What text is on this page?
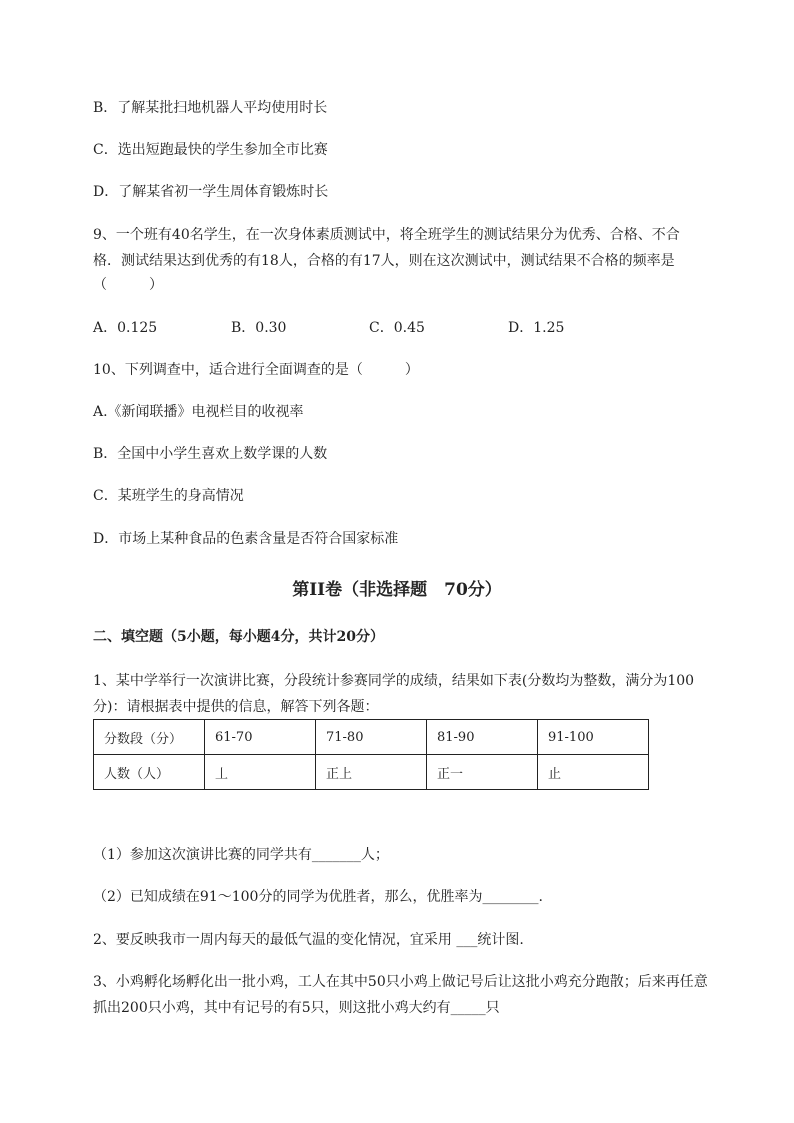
B．了解某批扫地机器人平均使用时长
C．选出短跑最快的学生参加全市比赛
D．了解某省初一学生周体育锻炼时长
9、一个班有40名学生，在一次身体素质测试中，将全班学生的测试结果分为优秀、合格、不合
格．测试结果达到优秀的有18人，合格的有17人，则在这次测试中，测试结果不合格的频率是
（　　　）
A．0.125	B．0.30	C．0.45	D．1.25
10、下列调查中，适合进行全面调查的是（　　　）
A.《新闻联播》电视栏目的收视率
B．全国中小学生喜欢上数学课的人数
C．某班学生的身高情况
D．市场上某种食品的色素含量是否符合国家标准
第II卷（非选择题　70分）
二、填空题（5小题，每小题4分，共计20分）
1、某中学举行一次演讲比赛，分段统计参赛同学的成绩，结果如下表(分数均为整数，满分为100
分)：请根据表中提供的信息，解答下列各题：
分数段（分）	61-70	71-80	81-90	91-100
人数（人）	丄	正上	正一	止
（1）参加这次演讲比赛的同学共有_______人；
（2）已知成绩在91～100分的同学为优胜者，那么，优胜率为________.
2、要反映我市一周内每天的最低气温的变化情况，宜采用 ___统计图.
3、小鸡孵化场孵化出一批小鸡，工人在其中50只小鸡上做记号后让这批小鸡充分跑散；后来再任意
抓出200只小鸡，其中有记号的有5只，则这批小鸡大约有_____只
